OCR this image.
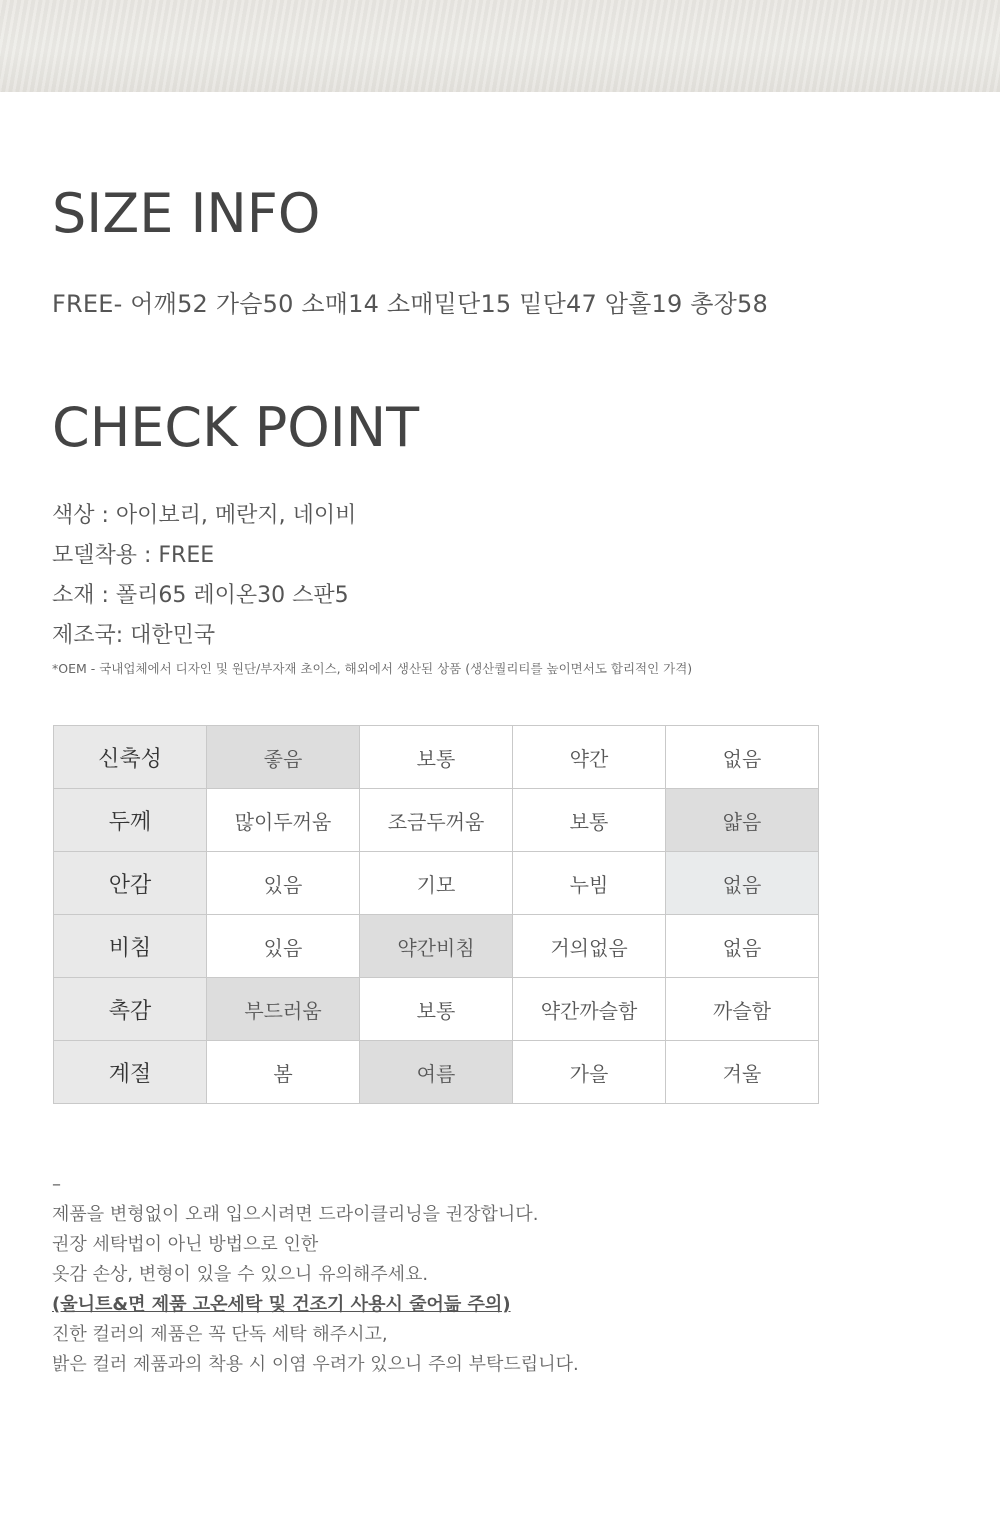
SIZE INFO
FREE- 어깨52 가슴50 소매14 소매밑단15 밑단47 암홀19 총장58
CHECK POINT
색상 : 아이보리, 메란지, 네이비
모델착용 : FREE
소재 : 폴리65 레이온30 스판5
제조국: 대한민국
*OEM - 국내업체에서 디자인 및 원단/부자재 초이스, 해외에서 생산된 상품 (생산퀄리티를 높이면서도 합리적인 가격)
신축성	좋음	보통	약간	없음
두께	많이두꺼움	조금두꺼움	보통	얇음
안감	있음	기모	누빔	없음
비침	있음	약간비침	거의없음	없음
촉감	부드러움	보통	약간까슬함	까슬함
계절	봄	여름	가을	겨울

–

제품을 변형없이 오래 입으시려면 드라이클리닝을 권장합니다.

권장 세탁법이 아닌 방법으로 인한

옷감 손상, 변형이 있을 수 있으니 유의해주세요.

(울니트&면 제품 고온세탁 및 건조기 사용시 줄어듦 주의)

진한 컬러의 제품은 꼭 단독 세탁 해주시고,

밝은 컬러 제품과의 착용 시 이염 우려가 있으니 주의 부탁드립니다.
